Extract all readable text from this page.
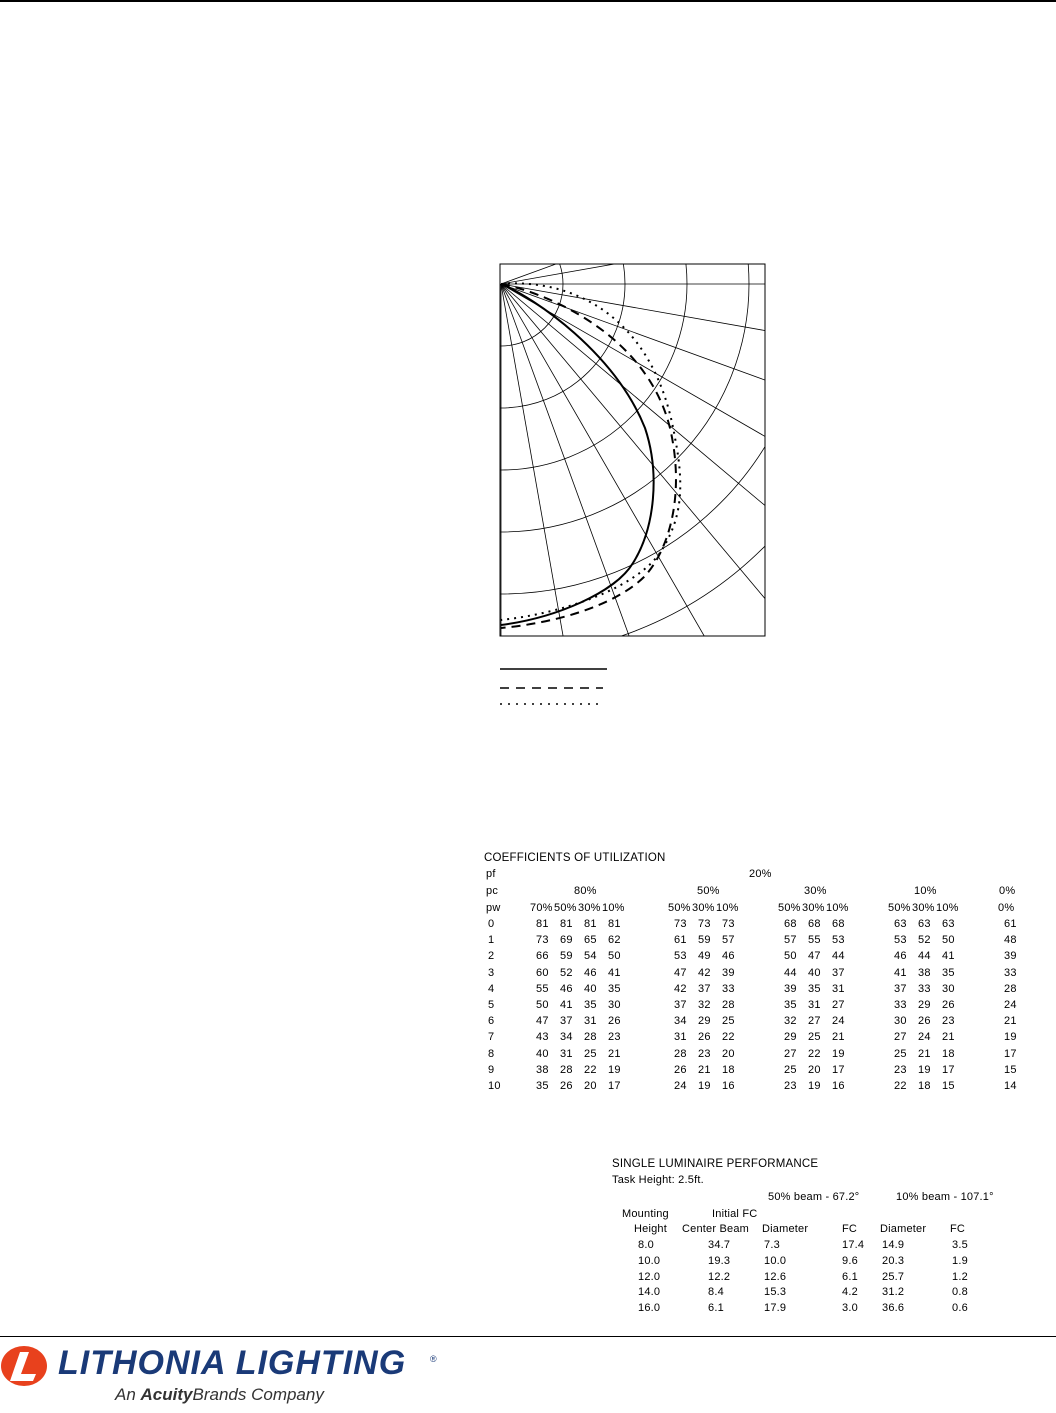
COEFFICIENTS OF UTILIZATION
pf	20%
pc
pw
80%	50%	30%	10%	0%
70% 50% 30% 10%	50% 30% 10%	50% 30% 10%	50% 30% 10%	0%
0	81 81 81 81	73 73 73	68 68 68	63 63 63	61
1	73 69 65 62	61 59 57	57 55 53	53 52 50	48
2	66 59 54 50	53 49 46	50 47 44	46 44 41	39
3	60 52 46 41	47 42 39	44 40 37	41 38 35	33
4	55 46 40 35	42 37 33	39 35 31	37 33 30	28
5	50 41 35 30	37 32 28	35 31 27	33 29 26	24
6	47 37 31 26	34 29 25	32 27 24	30 26 23	21
7	43 34 28 23	31 26 22	29 25 21	27 24 21	19
8	40 31 25 21	28 23 20	27 22 19	25 21 18	17
9	38 28 22 19	26 21 18	25 20 17	23 19 17	15
10	35 26 20 17	24 19 16	23 19 16	22 18 15	14
SINGLE LUMINAIRE PERFORMANCE
Task Height: 2.5ft.
50% beam - 67.2°	10% beam - 107.1°
Mounting	Initial FC
Height Center Beam Diameter	FC Diameter FC
8.0	34.7	7.3	17.4 14.9	3.5
10.0	19.3	10.0	9.6 20.3	1.9
12.0	12.2	12.6	6.1 25.7	1.2
14.0	8.4	15.3	4.2 31.2	0.8
16.0	6.1	17.9	3.0 36.6	0.6
LITHONIA LIGHTING	®
An AcuityBrands Company
